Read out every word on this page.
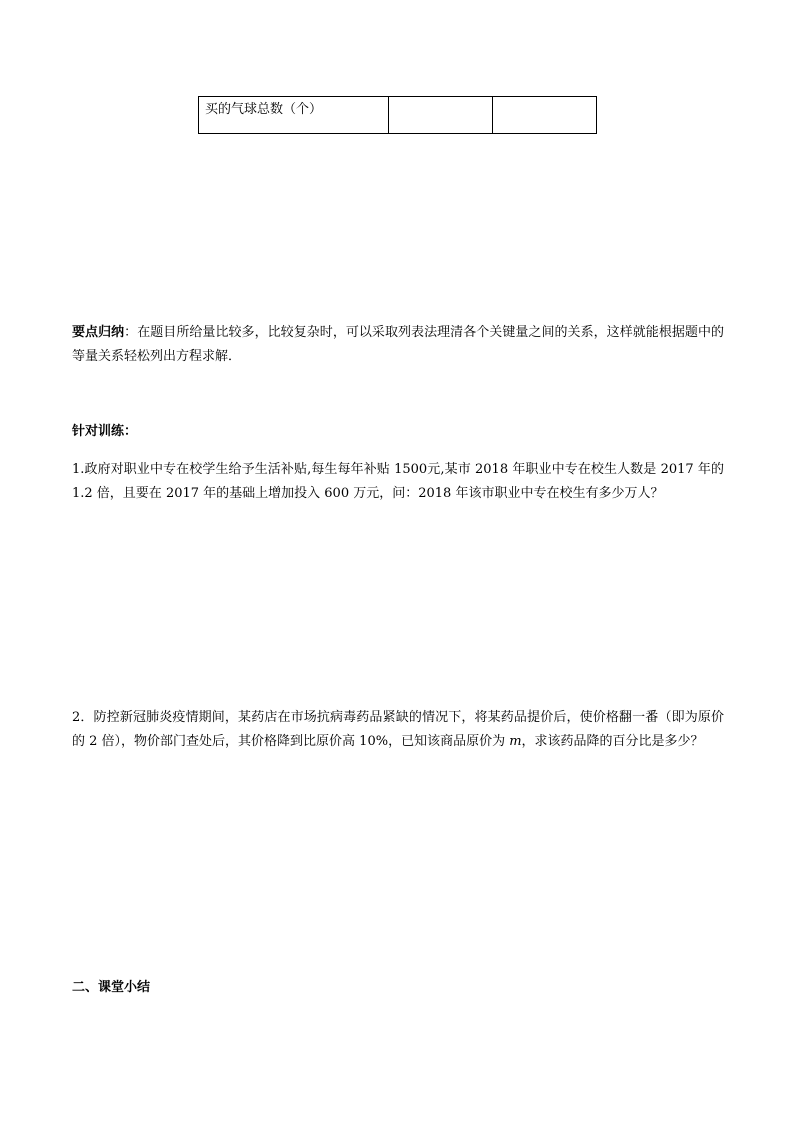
买的气球总数（个）		
要点归纳：在题目所给量比较多，比较复杂时，可以采取列表法理清各个关键量之间的关系，这样就能根据题中的等量关系轻松列出方程求解．
针对训练：
1.政府对职业中专在校学生给予生活补贴,每生每年补贴 1500元,某市 2018 年职业中专在校生人数是 2017 年的 1.2 倍，且要在 2017 年的基础上增加投入 600 万元，问：2018 年该市职业中专在校生有多少万人？
2．防控新冠肺炎疫情期间，某药店在市场抗病毒药品紧缺的情况下，将某药品提价后，使价格翻一番（即为原价的 2 倍），物价部门查处后，其价格降到比原价高 10%，已知该商品原价为 m，求该药品降的百分比是多少？
二、课堂小结
